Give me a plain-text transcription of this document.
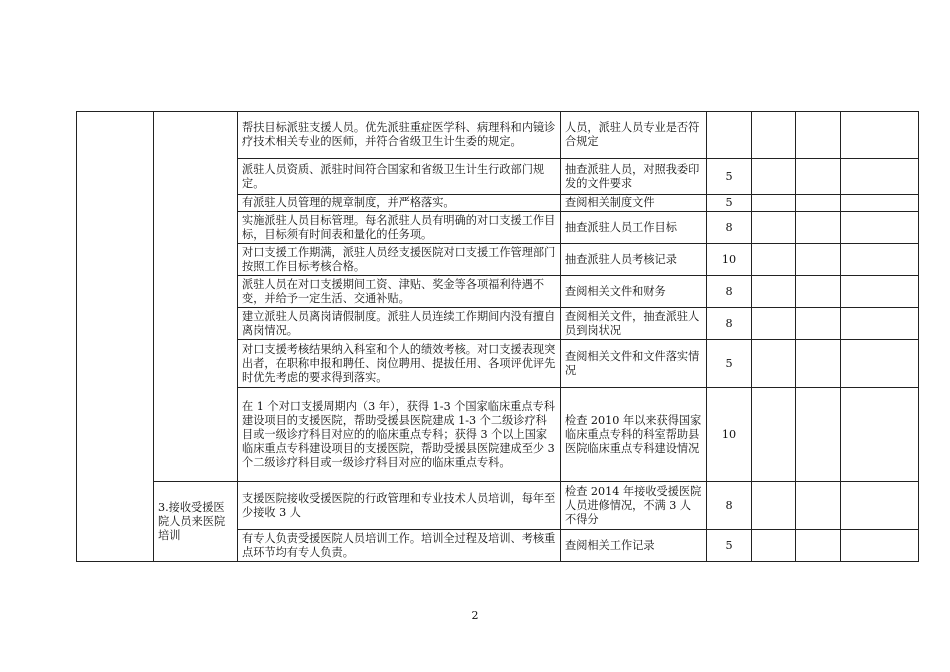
		帮扶目标派驻支援人员。优先派驻重症医学科、病理科和内镜诊疗技术相关专业的医师，并符合省级卫生计生委的规定。	人员，派驻人员专业是否符合规定				
		派驻人员资质、派驻时间符合国家和省级卫生计生行政部门规定。	抽查派驻人员，对照我委印发的文件要求	5			
		有派驻人员管理的规章制度，并严格落实。	查阅相关制度文件	5			
		实施派驻人员目标管理。每名派驻人员有明确的对口支援工作目标，目标须有时间表和量化的任务项。	抽查派驻人员工作目标	8			
		对口支援工作期满，派驻人员经支援医院对口支援工作管理部门按照工作目标考核合格。	抽查派驻人员考核记录	10			
		派驻人员在对口支援期间工资、津贴、奖金等各项福利待遇不变，并给予一定生活、交通补贴。	查阅相关文件和财务	8			
		建立派驻人员离岗请假制度。派驻人员连续工作期间内没有擅自离岗情况。	查阅相关文件，抽查派驻人员到岗状况	8			
		对口支援考核结果纳入科室和个人的绩效考核。对口支援表现突出者，在职称申报和聘任、岗位聘用、提拔任用、各项评优评先时优先考虑的要求得到落实。	查阅相关文件和文件落实情况	5			
		在 1 个对口支援周期内（3 年），获得 1-3 个国家临床重点专科建设项目的支援医院，帮助受援县医院建成 1-3 个二级诊疗科目或一级诊疗科目对应的的临床重点专科；获得 3 个以上国家临床重点专科建设项目的支援医院，帮助受援县医院建成至少 3 个二级诊疗科目或一级诊疗科目对应的临床重点专科。	检查 2010 年以来获得国家临床重点专科的科室帮助县医院临床重点专科建设情况	10			
	3.接收受援医院人员来医院培训	支援医院接收受援医院的行政管理和专业技术人员培训，每年至少接收 3 人	检查 2014 年接收受援医院人员进修情况，不满 3 人不得分	8			
		有专人负责受援医院人员培训工作。培训全过程及培训、考核重点环节均有专人负责。	查阅相关工作记录	5			
2
